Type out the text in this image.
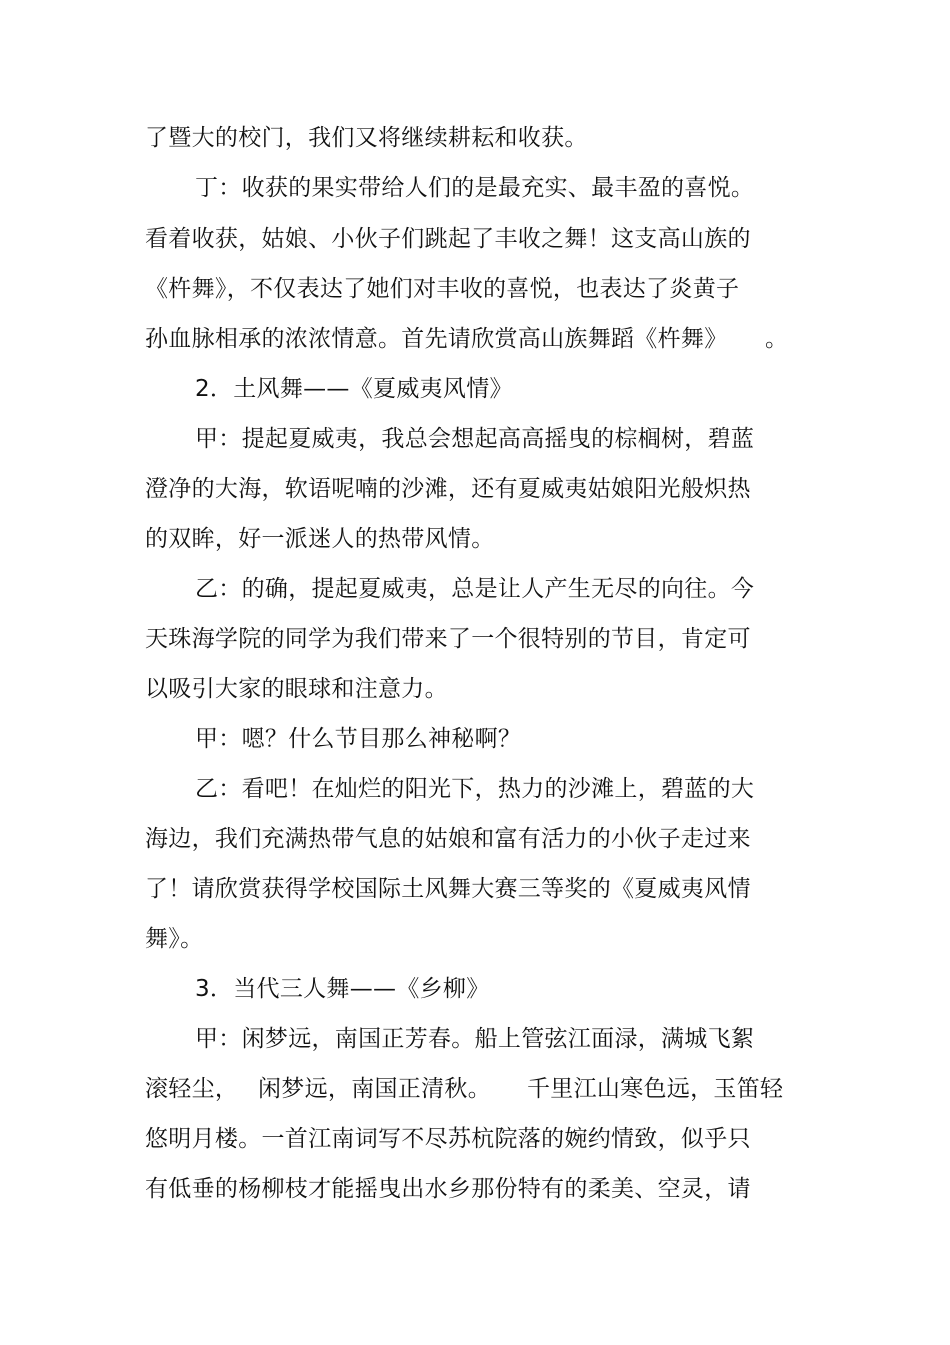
了暨大的校门，我们又将继续耕耘和收获。
丁：收获的果实带给人们的是最充实、最丰盈的喜悦。
看着收获，姑娘、小伙子们跳起了丰收之舞！这支高山族的
《杵舞》，不仅表达了她们对丰收的喜悦，也表达了炎黄子
孙血脉相承的浓浓情意。首先请欣赏高山族舞蹈《杵舞》 。
2．土风舞——《夏威夷风情》
甲：提起夏威夷，我总会想起高高摇曳的棕榈树，碧蓝
澄净的大海，软语呢喃的沙滩，还有夏威夷姑娘阳光般炽热
的双眸，好一派迷人的热带风情。
乙：的确，提起夏威夷，总是让人产生无尽的向往。今
天珠海学院的同学为我们带来了一个很特别的节目，肯定可
以吸引大家的眼球和注意力。
甲：嗯？什么节目那么神秘啊？
乙：看吧！在灿烂的阳光下，热力的沙滩上，碧蓝的大
海边，我们充满热带气息的姑娘和富有活力的小伙子走过来
了！请欣赏获得学校国际土风舞大赛三等奖的《夏威夷风情
舞》。
3．当代三人舞——《乡柳》
甲：闲梦远，南国正芳春。船上管弦江面渌，满城飞絮
滚轻尘， 闲梦远，南国正清秋。 千里江山寒色远，玉笛轻
悠明月楼。一首江南词写不尽苏杭院落的婉约情致，似乎只
有低垂的杨柳枝才能摇曳出水乡那份特有的柔美、空灵，请
